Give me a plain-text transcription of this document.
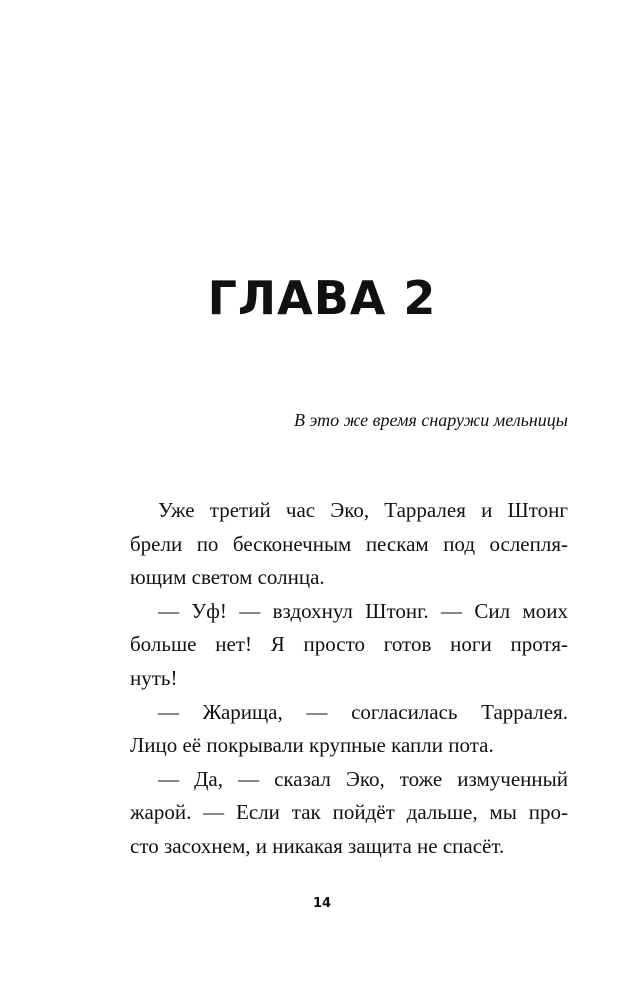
ГЛАВА 2

В это же время снаружи мельницы

Уже третий час Эко, Тарралея и Штонг
брели по бесконечным пескам под ослепля-
ющим светом солнца.
— Уф! — вздохнул Штонг. — Сил моих
больше нет! Я просто готов ноги протя-
нуть!
— Жарища, — согласилась Тарралея.
Лицо её покрывали крупные капли пота.
— Да, — сказал Эко, тоже измученный
жарой. — Если так пойдёт дальше, мы про-
сто засохнем, и никакая защита не спасёт.
14
